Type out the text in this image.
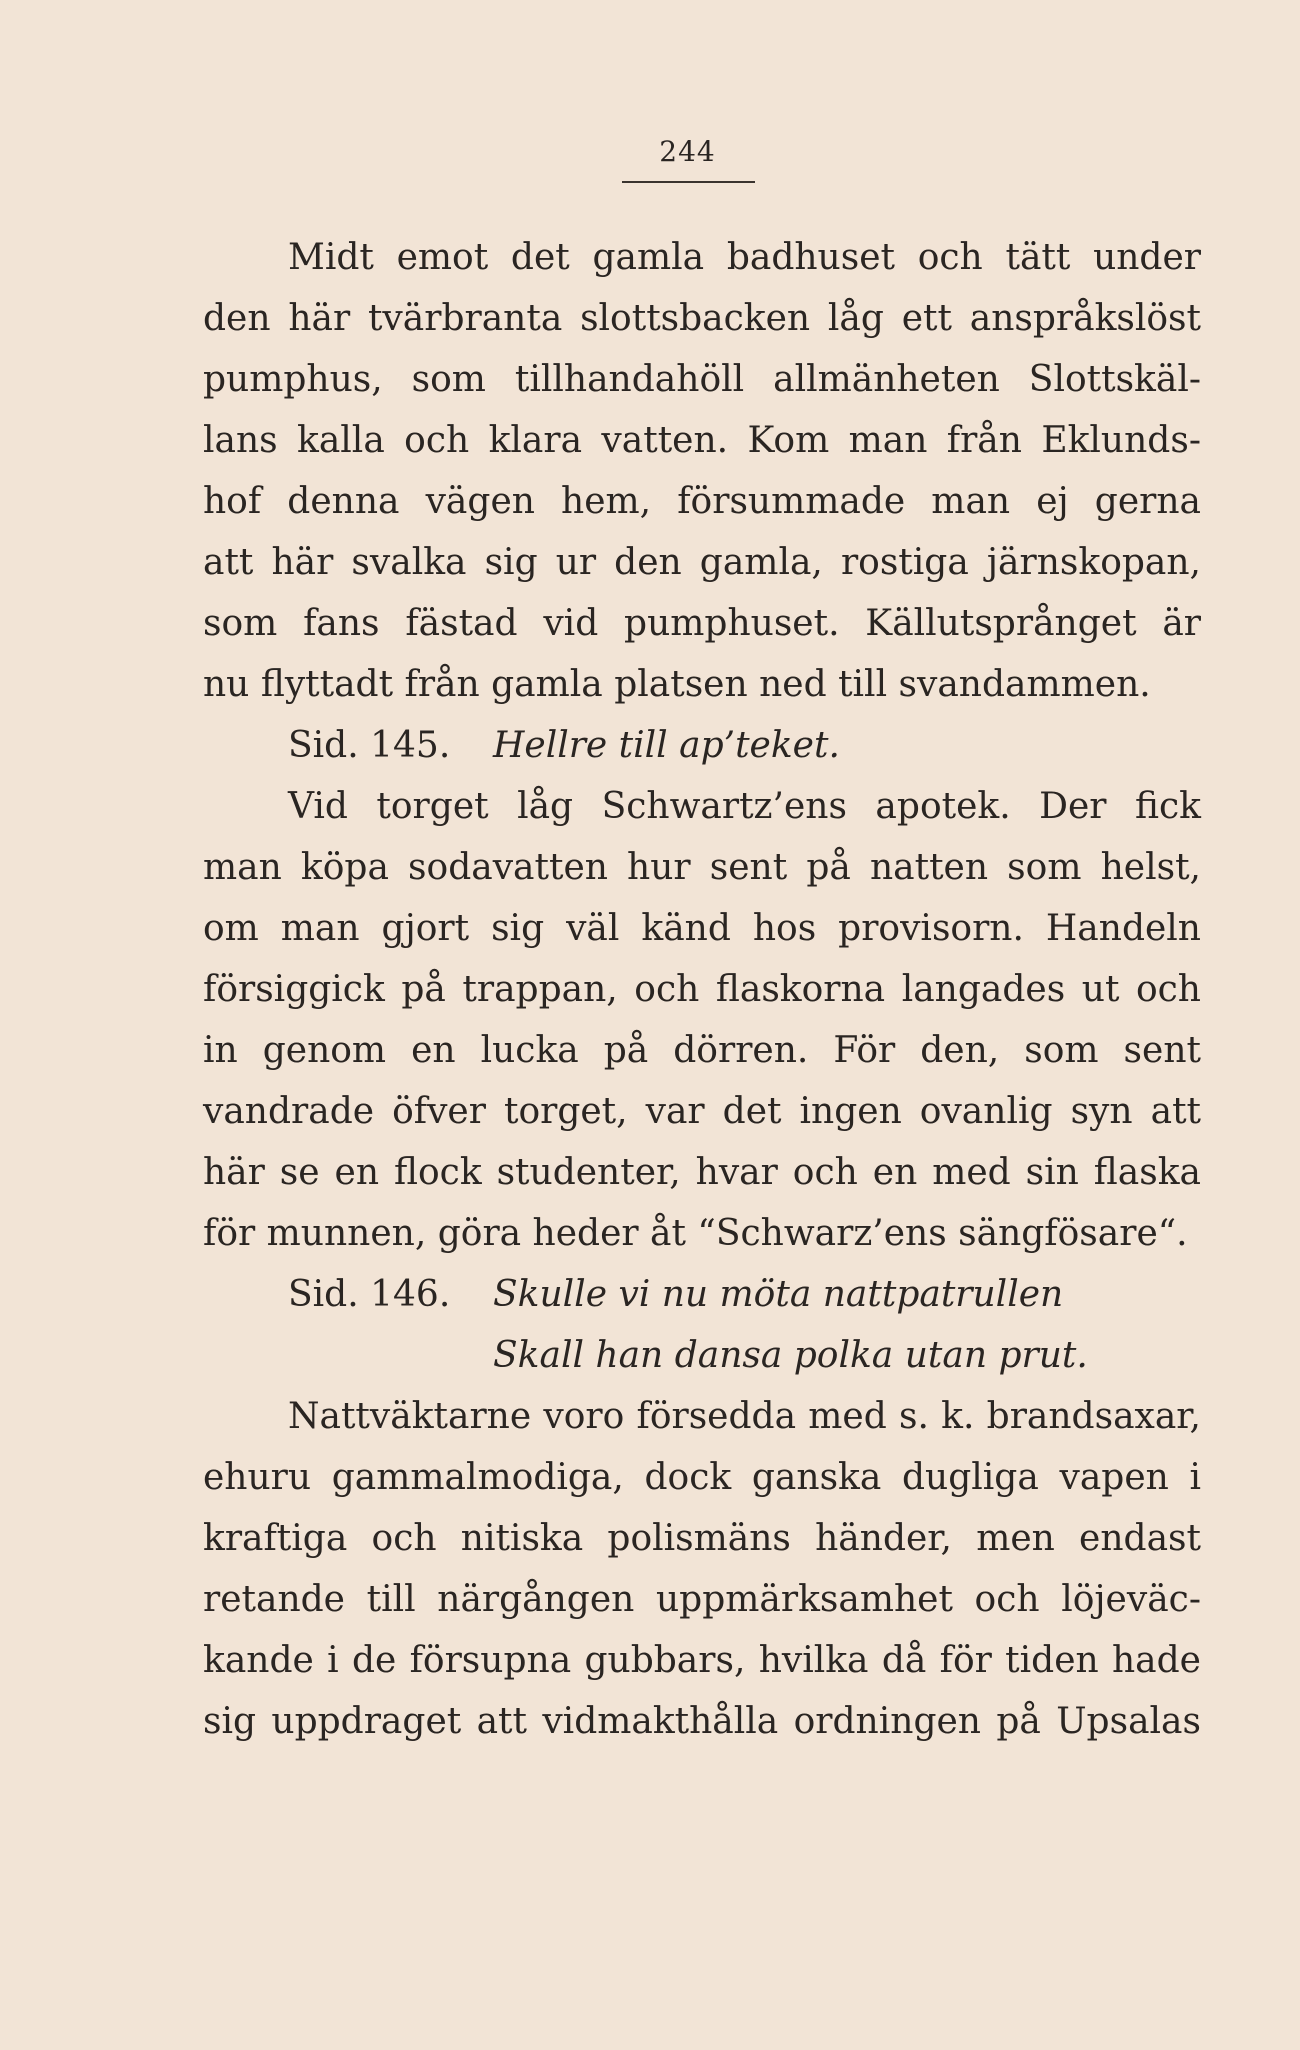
244
Midt emot det gamla badhuset och tätt under
den här tvärbranta slottsbacken låg ett anspråkslöst
pumphus, som tillhandahöll allmänheten Slottskäl-
lans kalla och klara vatten. Kom man från Eklunds-
hof denna vägen hem, försummade man ej gerna
att här svalka sig ur den gamla, rostiga järnskopan,
som fans fästad vid pumphuset. Källutsprånget är
nu flyttadt från gamla platsen ned till svandammen.
Sid. 145. Hellre till ap’teket.
Vid torget låg Schwartz’ens apotek. Der fick
man köpa sodavatten hur sent på natten som helst,
om man gjort sig väl känd hos provisorn. Handeln
försiggick på trappan, och flaskorna langades ut och
in genom en lucka på dörren. För den, som sent
vandrade öfver torget, var det ingen ovanlig syn att
här se en flock studenter, hvar och en med sin flaska
för munnen, göra heder åt “Schwarz’ens sängfösare“.
Sid. 146. Skulle vi nu möta nattpatrullen
Skall han dansa polka utan prut.
Nattväktarne voro försedda med s. k. brandsaxar,
ehuru gammalmodiga, dock ganska dugliga vapen i
kraftiga och nitiska polismäns händer, men endast
retande till närgången uppmärksamhet och löjeväc-
kande i de försupna gubbars, hvilka då för tiden hade
sig uppdraget att vidmakthålla ordningen på Upsalas
